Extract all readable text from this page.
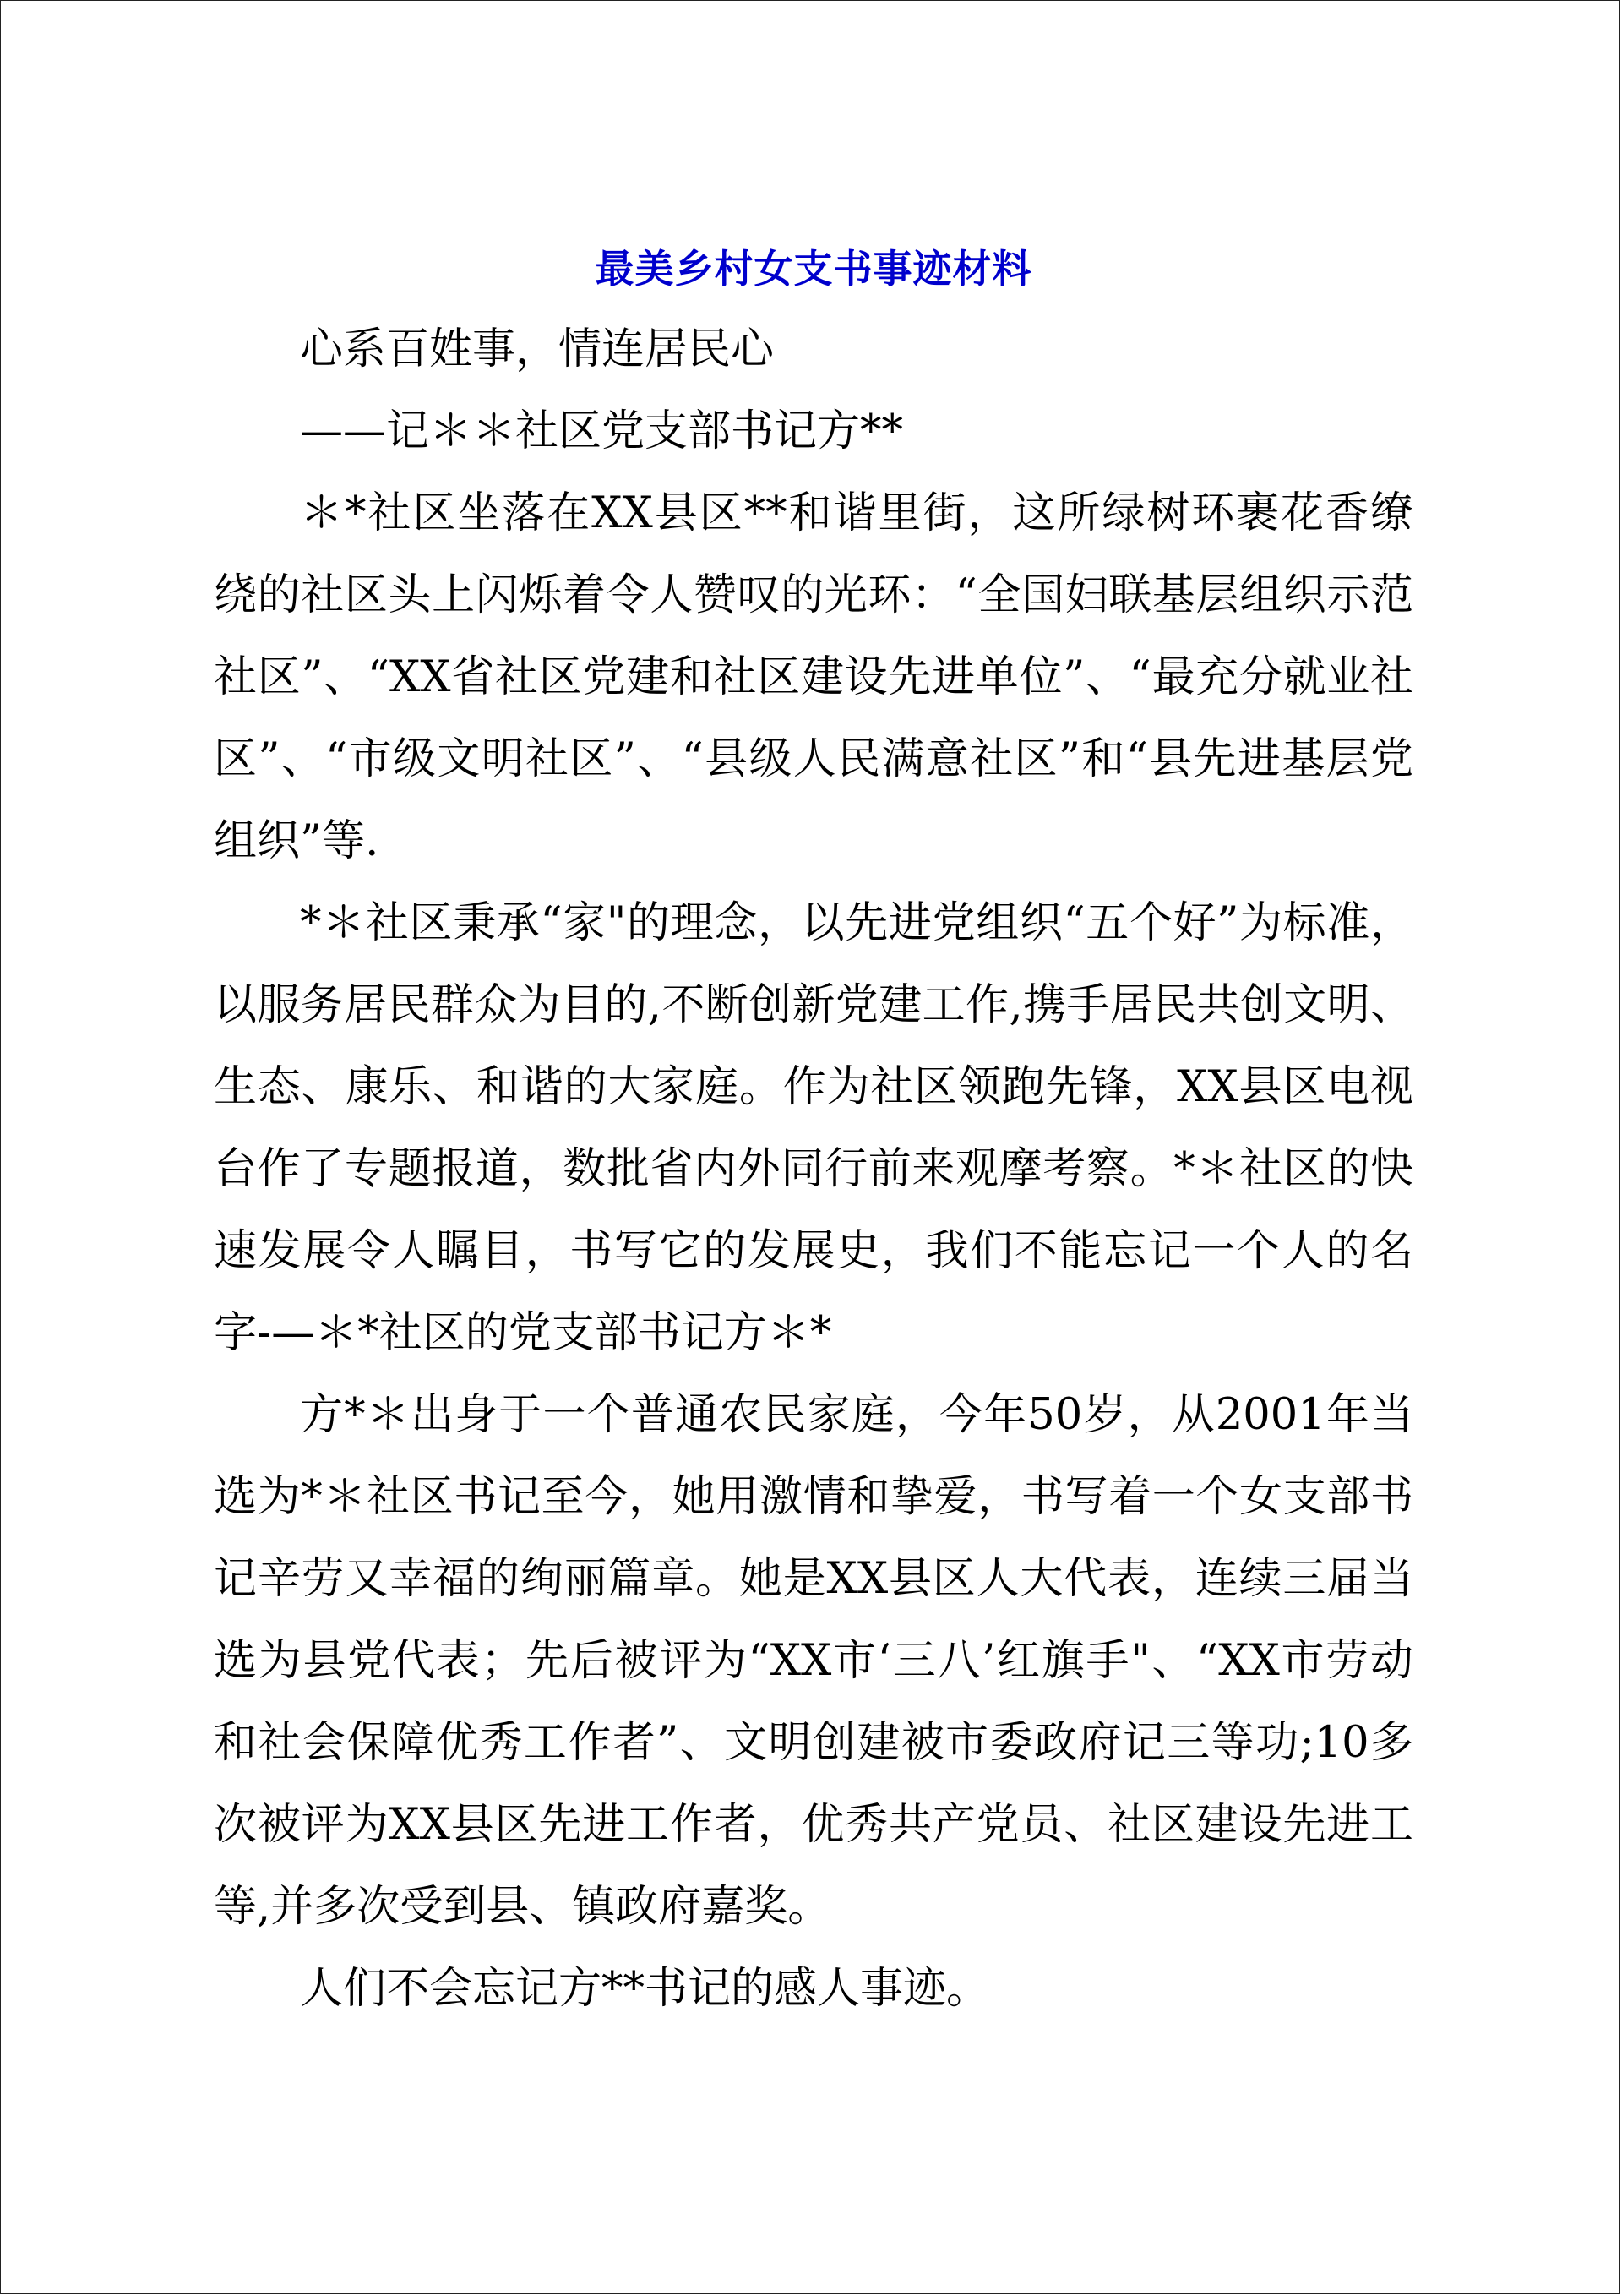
最美乡村女支书事迹材料

心系百姓事，情连居民心

——记＊＊社区党支部书记方**

＊*社区坐落在XX县区**和谐里街，这所绿树环裹花香缭绕的社区头上闪烁着令人赞叹的光环：“全国妇联基层组织示范社区”、“XX省社区党建和社区建设先进单位”、“最充分就业社区”、“市级文明社区”、“县级人民满意社区”和“县先进基层党组织”等.

*＊社区秉承“家"的理念，以先进党组织“五个好”为标准，以服务居民群众为目的,不断创新党建工作,携手居民共创文明、生态、康乐、和谐的大家庭。作为社区领跑先锋，XX县区电视台作了专题报道，数批省内外同行前来观摩考察。*＊社区的快速发展令人瞩目，书写它的发展史，我们不能忘记一个人的名字-—＊*社区的党支部书记方＊*

方*＊出身于一个普通农民家庭，今年50岁，从2001年当选为*＊社区书记至今，她用激情和挚爱，书写着一个女支部书记辛劳又幸福的绚丽篇章。她是XX县区人大代表，连续三届当选为县党代表；先后被评为“XX市‘三八’红旗手"、“XX市劳动和社会保障优秀工作者”、文明创建被市委政府记三等功;10多次被评为XX县区先进工作者，优秀共产党员、社区建设先进工等,并多次受到县、镇政府嘉奖。

人们不会忘记方**书记的感人事迹。
